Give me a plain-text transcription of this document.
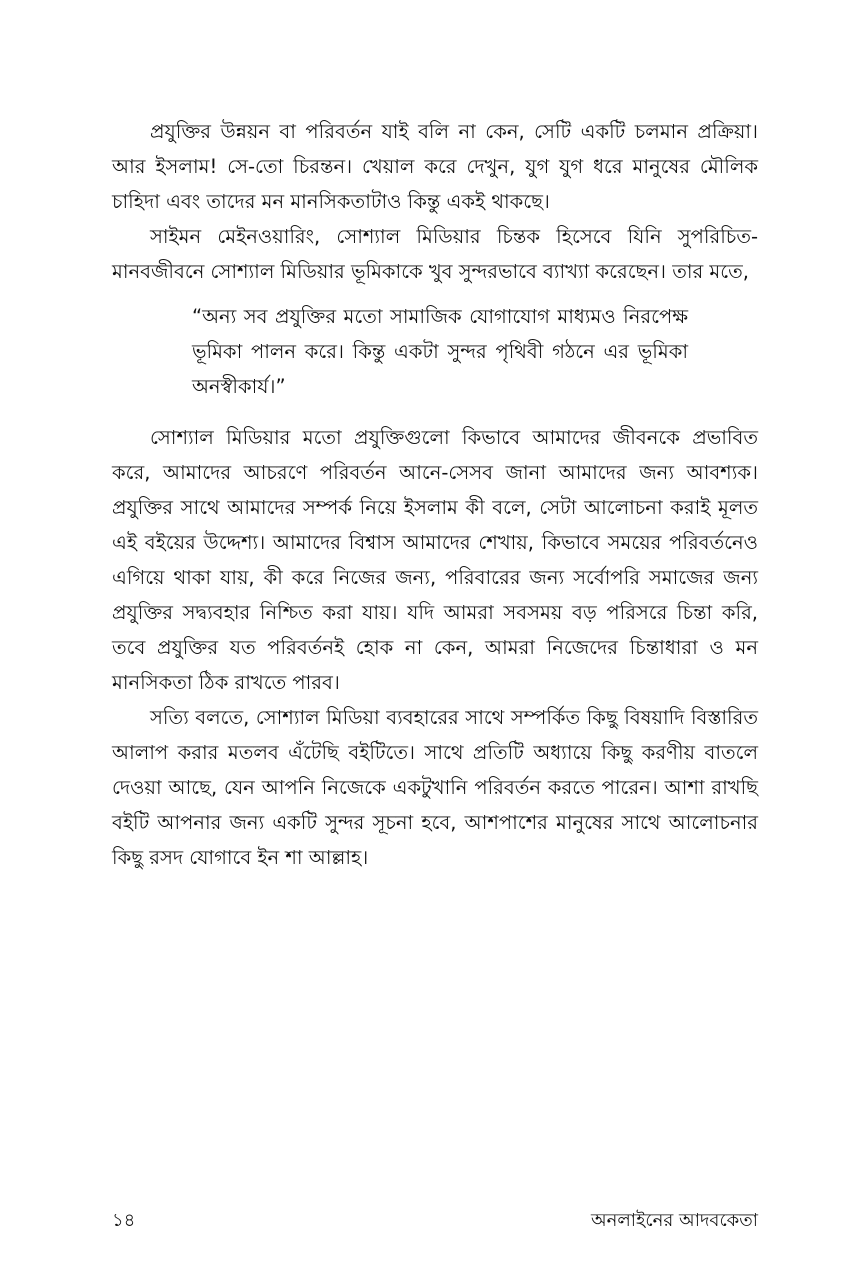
প্রযুক্তির উন্নয়ন বা পরিবর্তন যাই বলি না কেন, সেটি একটি চলমান প্রক্রিয়া। আর ইসলাম! সে-তো চিরন্তন। খেয়াল করে দেখুন, যুগ যুগ ধরে মানুষের মৌলিক চাহিদা এবং তাদের মন মানসিকতাটাও কিন্তু একই থাকছে।

সাইমন মেইনওয়ারিং, সোশ্যাল মিডিয়ার চিন্তক হিসেবে যিনি সুপরিচিত- মানবজীবনে সোশ্যাল মিডিয়ার ভূমিকাকে খুব সুন্দরভাবে ব্যাখ্যা করেছেন। তার মতে,

“অন্য সব প্রযুক্তির মতো সামাজিক যোগাযোগ মাধ্যমও নিরপেক্ষ ভূমিকা পালন করে। কিন্তু একটা সুন্দর পৃথিবী গঠনে এর ভূমিকা অনস্বীকার্য।”

সোশ্যাল মিডিয়ার মতো প্রযুক্তিগুলো কিভাবে আমাদের জীবনকে প্রভাবিত করে, আমাদের আচরণে পরিবর্তন আনে-সেসব জানা আমাদের জন্য আবশ্যক। প্রযুক্তির সাথে আমাদের সম্পর্ক নিয়ে ইসলাম কী বলে, সেটা আলোচনা করাই মূলত এই বইয়ের উদ্দেশ্য। আমাদের বিশ্বাস আমাদের শেখায়, কিভাবে সময়ের পরিবর্তনেও এগিয়ে থাকা যায়, কী করে নিজের জন্য, পরিবারের জন্য সর্বোপরি সমাজের জন্য প্রযুক্তির সদ্ব্যবহার নিশ্চিত করা যায়। যদি আমরা সবসময় বড় পরিসরে চিন্তা করি, তবে প্রযুক্তির যত পরিবর্তনই হোক না কেন, আমরা নিজেদের চিন্তাধারা ও মন মানসিকতা ঠিক রাখতে পারব।

সত্যি বলতে, সোশ্যাল মিডিয়া ব্যবহারের সাথে সম্পর্কিত কিছু বিষয়াদি বিস্তারিত আলাপ করার মতলব এঁটেছি বইটিতে। সাথে প্রতিটি অধ্যায়ে কিছু করণীয় বাতলে দেওয়া আছে, যেন আপনি নিজেকে একটুখানি পরিবর্তন করতে পারেন। আশা রাখছি বইটি আপনার জন্য একটি সুন্দর সূচনা হবে, আশপাশের মানুষের সাথে আলোচনার কিছু রসদ যোগাবে ইন শা আল্লাহ।

১৪	অনলাইনের আদবকেতা
